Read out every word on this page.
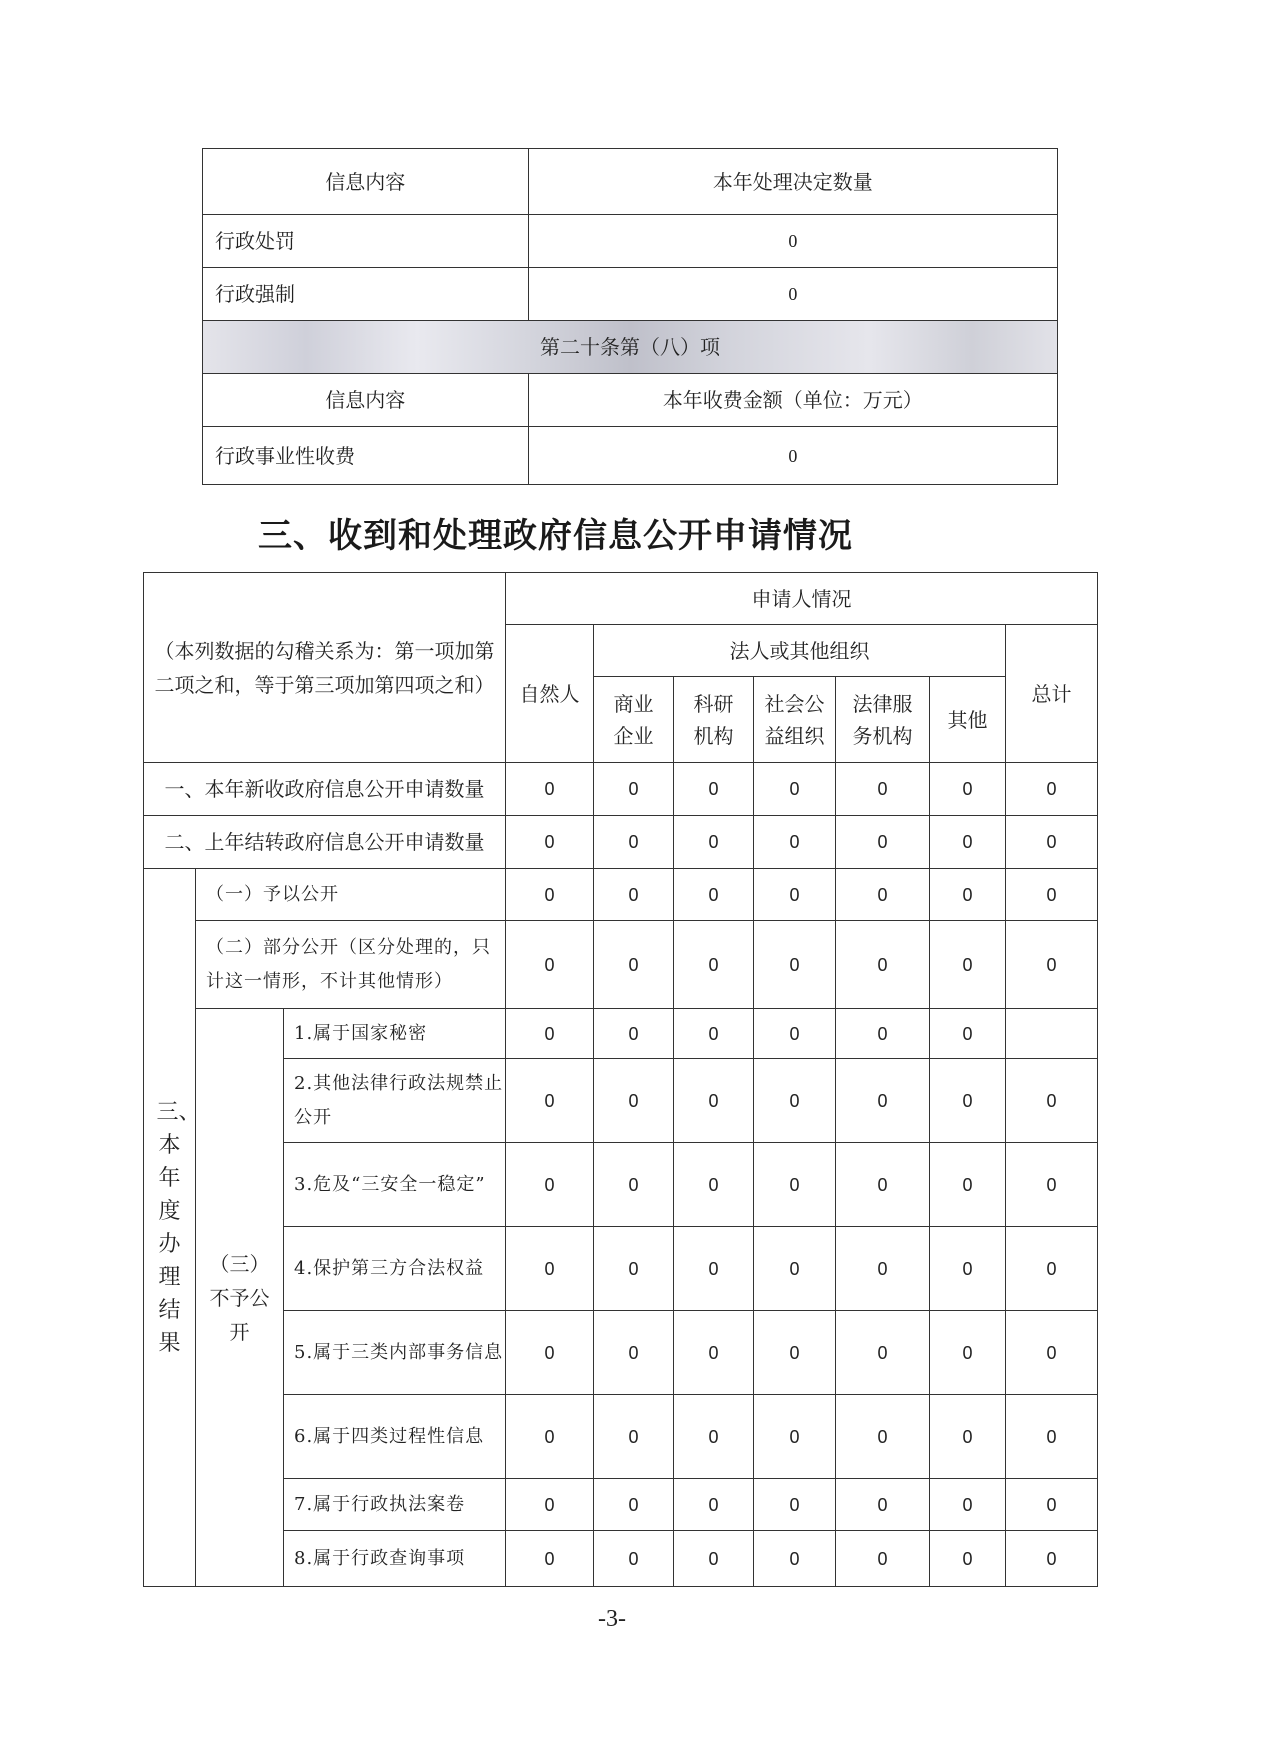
信息内容	本年处理决定数量
行政处罚	0
行政强制	0
第二十条第（八）项	
信息内容	本年收费金额（单位：万元）
行政事业性收费	0
三、收到和处理政府信息公开申请情况
（本列数据的勾稽关系为：第一项加第二项之和，等于第三项加第四项之和）			申请人情况						
			自然人	法人或其他组织					总计
				商业企业	科研机构	社会公益组织	法律服务机构	其他	
一、本年新收政府信息公开申请数量			0	0	0	0	0	0	0
二、上年结转政府信息公开申请数量			0	0	0	0	0	0	0
三、本年度办理结果	（一）予以公开		0	0	0	0	0	0	0
	（二）部分公开（区分处理的，只计这一情形，不计其他情形）		0	0	0	0	0	0	0
	（三）不予公开	1.属于国家秘密	0	0	0	0	0	0	
		2.其他法律行政法规禁止公开	0	0	0	0	0	0	0
		3.危及“三安全一稳定”	0	0	0	0	0	0	0
		4.保护第三方合法权益	0	0	0	0	0	0	0
		5.属于三类内部事务信息	0	0	0	0	0	0	0
		6.属于四类过程性信息	0	0	0	0	0	0	0
		7.属于行政执法案卷	0	0	0	0	0	0	0
		8.属于行政查询事项	0	0	0	0	0	0	0
-3-
